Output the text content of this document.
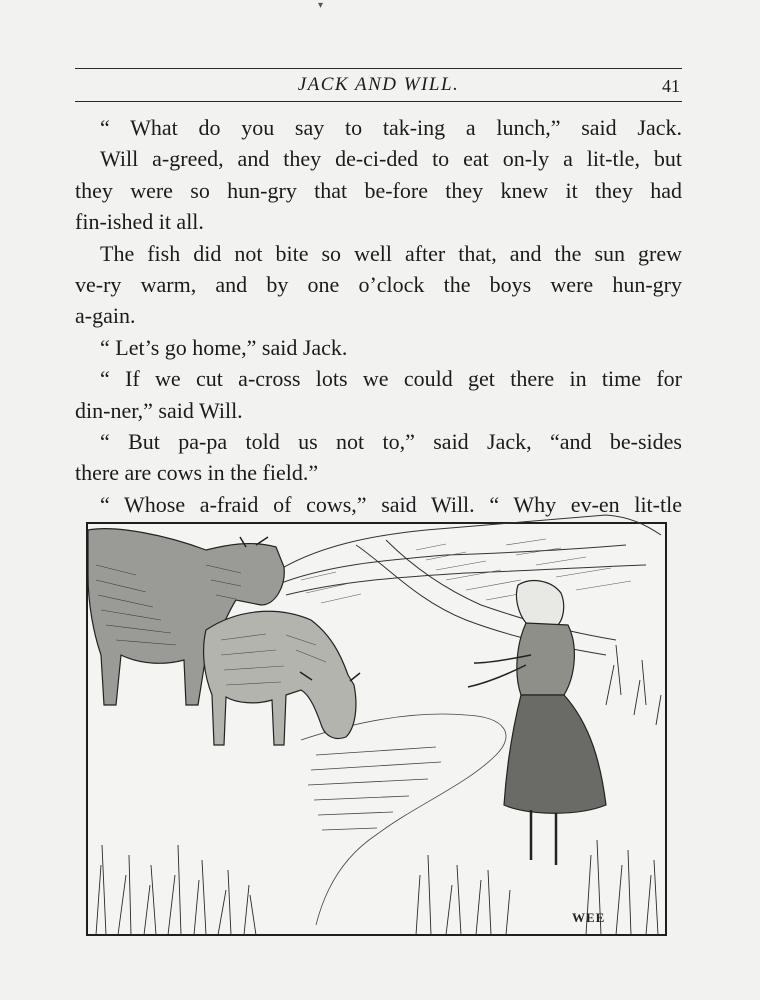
▾
JACK AND WILL.	41
“ What do you say to tak-ing a lunch,” said Jack.
Will a-greed, and they de-ci-ded to eat on-ly a lit-tle, but
they were so hun-gry that be-fore they knew it they had
fin-ished it all.
The fish did not bite so well after that, and the sun grew
ve-ry warm, and by one o’clock the boys were hun-gry
a-gain.
“ Let’s go home,” said Jack.
“ If we cut a-cross lots we could get there in time for
din-ner,” said Will.
“ But pa-pa told us not to,” said Jack, “and be-sides
there are cows in the field.”
“ Whose a-fraid of cows,” said Will. “ Why ev-en lit-tle
WEE
